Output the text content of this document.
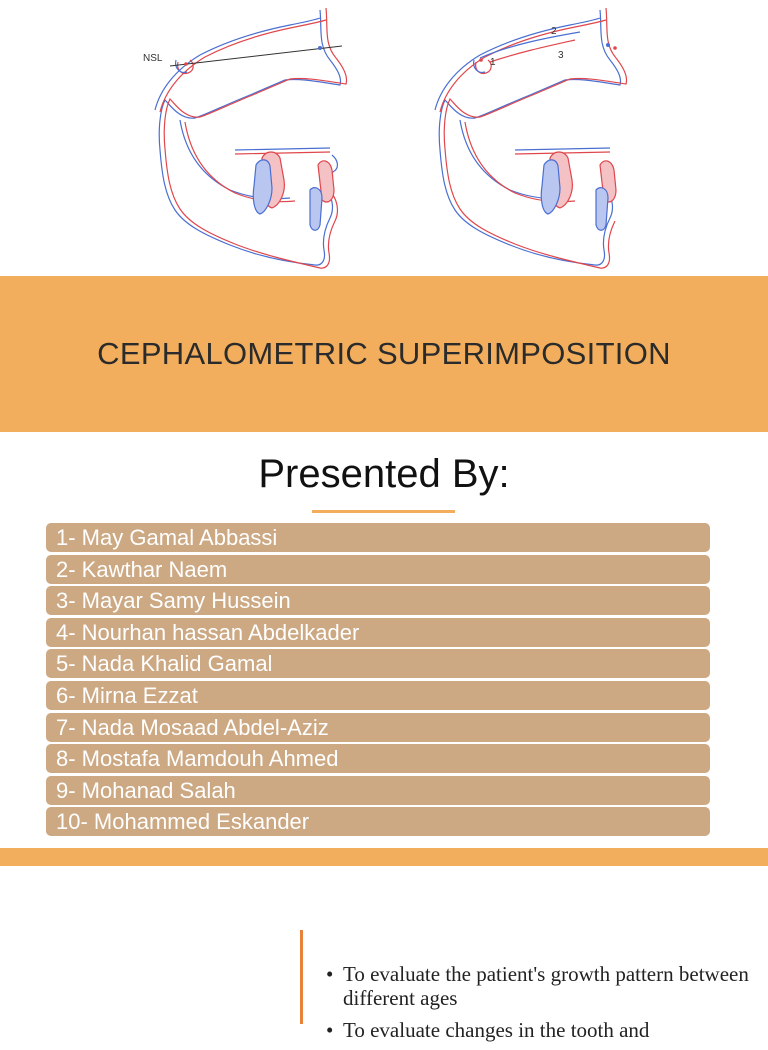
NSL	1
2
3
CEPHALOMETRIC SUPERIMPOSITION
Presented By:
1- May Gamal Abbassi
2- Kawthar Naem
3- Mayar Samy Hussein
4- Nourhan hassan Abdelkader
5- Nada Khalid Gamal
6- Mirna Ezzat
7- Nada Mosaad Abdel-Aziz
8- Mostafa Mamdouh Ahmed
9- Mohanad Salah
10- Mohammed Eskander
• To evaluate the patient's growth pattern between different ages
• To evaluate changes in the tooth and
